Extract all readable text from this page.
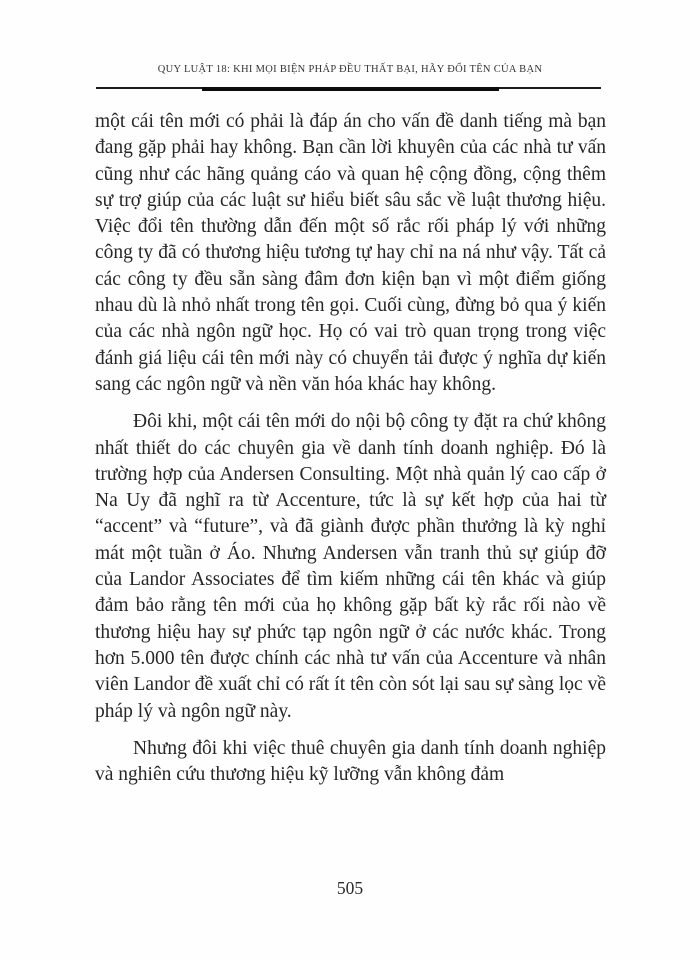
QUY LUẬT 18: KHI MỌI BIỆN PHÁP ĐỀU THẤT BẠI, HÃY ĐỔI TÊN CỦA BẠN

một cái tên mới có phải là đáp án cho vấn đề danh tiếng mà bạn đang gặp phải hay không. Bạn cần lời khuyên của các nhà tư vấn cũng như các hãng quảng cáo và quan hệ cộng đồng, cộng thêm sự trợ giúp của các luật sư hiểu biết sâu sắc về luật thương hiệu. Việc đổi tên thường dẫn đến một số rắc rối pháp lý với những công ty đã có thương hiệu tương tự hay chỉ na ná như vậy. Tất cả các công ty đều sẵn sàng đâm đơn kiện bạn vì một điểm giống nhau dù là nhỏ nhất trong tên gọi. Cuối cùng, đừng bỏ qua ý kiến của các nhà ngôn ngữ học. Họ có vai trò quan trọng trong việc đánh giá liệu cái tên mới này có chuyển tải được ý nghĩa dự kiến sang các ngôn ngữ và nền văn hóa khác hay không.

Đôi khi, một cái tên mới do nội bộ công ty đặt ra chứ không nhất thiết do các chuyên gia về danh tính doanh nghiệp. Đó là trường hợp của Andersen Consulting. Một nhà quản lý cao cấp ở Na Uy đã nghĩ ra từ Accenture, tức là sự kết hợp của hai từ “accent” và “future”, và đã giành được phần thưởng là kỳ nghỉ mát một tuần ở Áo. Nhưng Andersen vẫn tranh thủ sự giúp đỡ của Landor Associates để tìm kiếm những cái tên khác và giúp đảm bảo rằng tên mới của họ không gặp bất kỳ rắc rối nào về thương hiệu hay sự phức tạp ngôn ngữ ở các nước khác. Trong hơn 5.000 tên được chính các nhà tư vấn của Accenture và nhân viên Landor đề xuất chỉ có rất ít tên còn sót lại sau sự sàng lọc về pháp lý và ngôn ngữ này.

Nhưng đôi khi việc thuê chuyên gia danh tính doanh nghiệp và nghiên cứu thương hiệu kỹ lưỡng vẫn không đảm

505
